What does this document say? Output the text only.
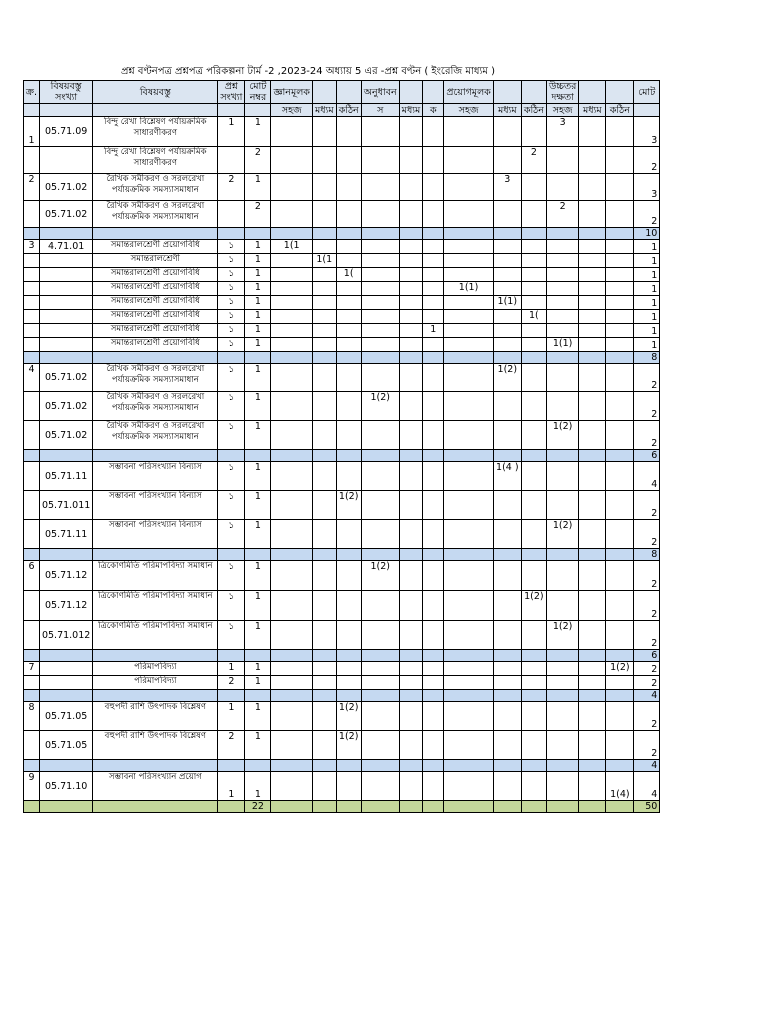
প্রশ্ন বণ্টনপত্র প্রশ্নপত্র পরিকল্পনা টার্ম -2 ,2023-24 অধ্যায় 5 এর -প্রশ্ন বণ্টন ( ইংরেজি মাধ্যম )
ক্র.	বিষয়বস্তু সংখ্যা	বিষয়বস্তু	প্রশ্ন সংখ্যা	মোট নম্বর	জ্ঞানমূলক			অনুধাবন			প্রয়োগমূলক			উচ্চতর দক্ষতা			মোট
					সহজ	মধ্যম	কঠিন	স	মধ্যম	ক	সহজ	মধ্যম	কঠিন	সহজ	মধ্যম	কঠিন	
1	05.71.09	বিন্দু রেখা বিশ্লেষণ পর্যায়ক্রমিক সাধারণীকরণ	1	1										3			3
		বিন্দু রেখা বিশ্লেষণ পর্যায়ক্রমিক সাধারণীকরণ		2									2				2
2	05.71.02	রৈখিক সমীকরণ ও সরলরেখা পর্যায়ক্রমিক সমস্যাসমাধান	2	1								3					3
	05.71.02	রৈখিক সমীকরণ ও সরলরেখা পর্যায়ক্রমিক সমস্যাসমাধান		2										2			2
																	10
3	4.71.01	সমান্তরালশ্রেণী প্রয়োগবিধি	১	1	1(1												1
		সমান্তরালশ্রেণী	১	1		1(1											1
		সমান্তরালশ্রেণী প্রয়োগবিধি	১	1			1(										1
		সমান্তরালশ্রেণী প্রয়োগবিধি	১	1							1(1)						1
		সমান্তরালশ্রেণী প্রয়োগবিধি	১	1								1(1)					1
		সমান্তরালশ্রেণী প্রয়োগবিধি	১	1									1(				1
		সমান্তরালশ্রেণী প্রয়োগবিধি	১	1						1							1
		সমান্তরালশ্রেণী প্রয়োগবিধি	১	1										1(1)			1
																	8
4	05.71.02	রৈখিক সমীকরণ ও সরলরেখা পর্যায়ক্রমিক সমস্যাসমাধান	১	1								1(2)					2
	05.71.02	রৈখিক সমীকরণ ও সরলরেখা পর্যায়ক্রমিক সমস্যাসমাধান	১	1				1(2)									2
	05.71.02	রৈখিক সমীকরণ ও সরলরেখা পর্যায়ক্রমিক সমস্যাসমাধান	১	1										1(2)			2
																	6
	05.71.11	সম্ভাবনা পরিসংখ্যান বিন্যাস	১	1								1(4 )					4
	05.71.011	সম্ভাবনা পরিসংখ্যান বিন্যাস	১	1			1(2)										2
	05.71.11	সম্ভাবনা পরিসংখ্যান বিন্যাস	১	1										1(2)			2
																	8
6	05.71.12	ত্রিকোণমিতি পরিমাপবিদ্যা সমাধান	১	1				1(2)									2
	05.71.12	ত্রিকোণমিতি পরিমাপবিদ্যা সমাধান	১	1									1(2)				2
	05.71.012	ত্রিকোণমিতি পরিমাপবিদ্যা সমাধান	১	1										1(2)			2
																	6
7		পরিমাপবিদ্যা	1	1												1(2)	2
		পরিমাপবিদ্যা	2	1													2
																	4
8	05.71.05	বহুপদী রাশি উৎপাদক বিশ্লেষণ	1	1			1(2)										2
	05.71.05	বহুপদী রাশি উৎপাদক বিশ্লেষণ	2	1			1(2)										2
																	4
9	05.71.10	সম্ভাবনা পরিসংখ্যান প্রয়োগ	1	1												1(4)	4
				22													50
